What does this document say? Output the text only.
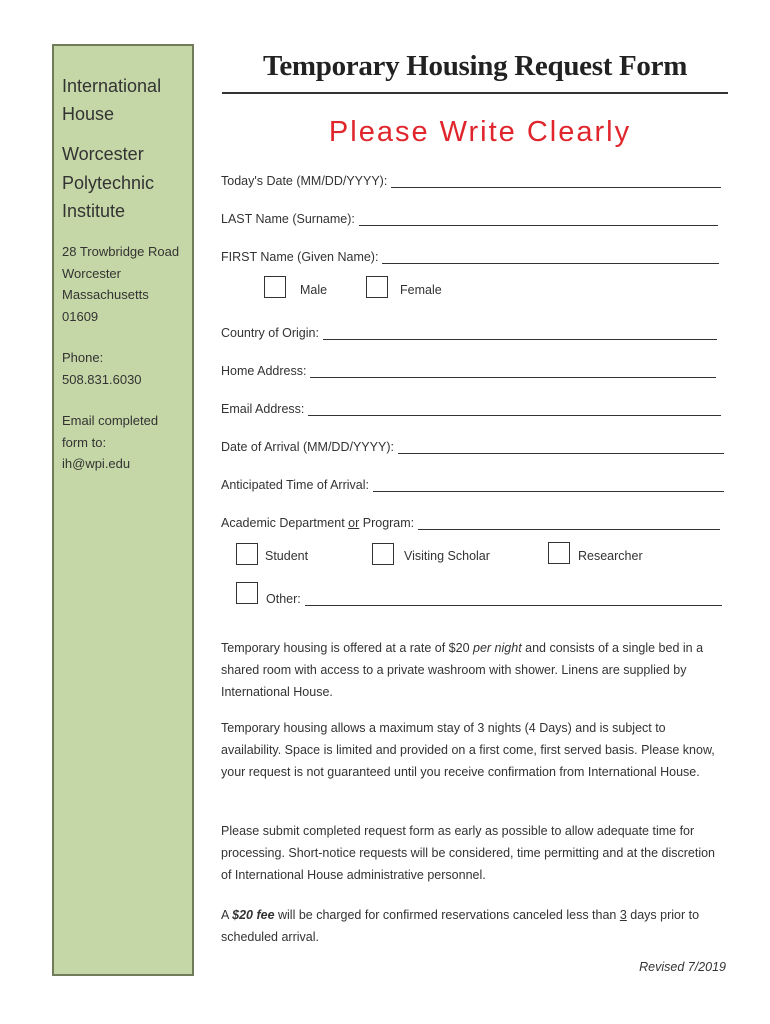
International
House
Worcester
Polytechnic
Institute
28 Trowbridge Road
Worcester
Massachusetts
01609
Phone:
508.831.6030
Email completed
form to:
ih@wpi.edu
Temporary Housing Request Form
Please Write Clearly
Today's Date (MM/DD/YYYY):
LAST Name (Surname):
FIRST Name (Given Name):
Male	Female
Country of Origin:
Home Address:
Email Address:
Date of Arrival (MM/DD/YYYY):
Anticipated Time of Arrival:
Academic Department or Program:
Student	Visiting Scholar	Researcher
Other:
Temporary housing is offered at a rate of $20 per night and consists of a single bed in a shared room with access to a private washroom with shower. Linens are supplied by International House.
Temporary housing allows a maximum stay of 3 nights (4 Days) and is subject to availability. Space is limited and provided on a first come, first served basis. Please know, your request is not guaranteed until you receive confirmation from International House.
Please submit completed request form as early as possible to allow adequate time for processing. Short-notice requests will be considered, time permitting and at the discretion of International House administrative personnel.
A $20 fee will be charged for confirmed reservations canceled less than 3 days prior to scheduled arrival.
Revised 7/2019
